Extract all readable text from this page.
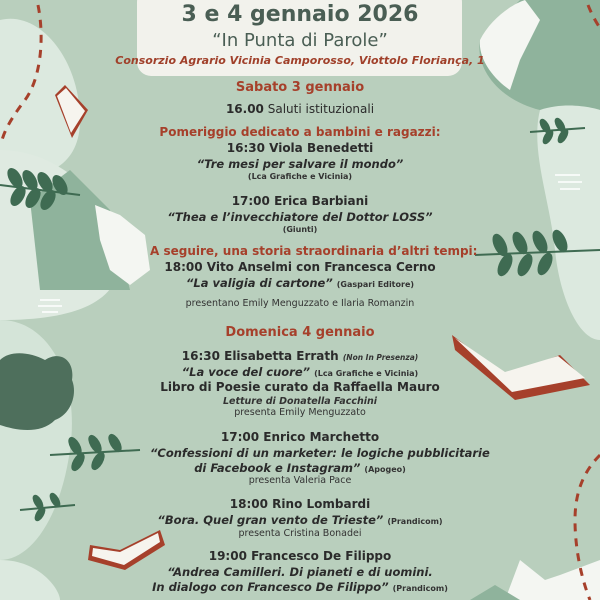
3 e 4 gennaio 2026
“In Punta di Parole”
Consorzio Agrario Vicinia Camporosso, Viottolo Floriança, 1
Sabato 3 gennaio
16.00 Saluti istituzionali
Pomeriggio dedicato a bambini e ragazzi:
16:30 Viola Benedetti
“Tre mesi per salvare il mondo”
(Lca Grafiche e Vicinia)
17:00 Erica Barbiani
“Thea e l’invecchiatore del Dottor LOSS”
(Giunti)
A seguire, una storia straordinaria d’altri tempi:
18:00 Vito Anselmi con Francesca Cerno
“La valigia di cartone” (Gaspari Editore)
presentano Emily Menguzzato e Ilaria Romanzin
Domenica 4 gennaio
16:30 Elisabetta Errath (Non In Presenza)
“La voce del cuore” (Lca Grafiche e Vicinia)
Libro di Poesie curato da Raffaella Mauro
Letture di Donatella Facchini
presenta Emily Menguzzato
17:00 Enrico Marchetto
“Confessioni di un marketer: le logiche pubblicitarie
di Facebook e Instagram” (Apogeo)
presenta Valeria Pace
18:00 Rino Lombardi
“Bora. Quel gran vento de Trieste” (Prandicom)
presenta Cristina Bonadei
19:00 Francesco De Filippo
“Andrea Camilleri. Di pianeti e di uomini.
In dialogo con Francesco De Filippo” (Prandicom)
